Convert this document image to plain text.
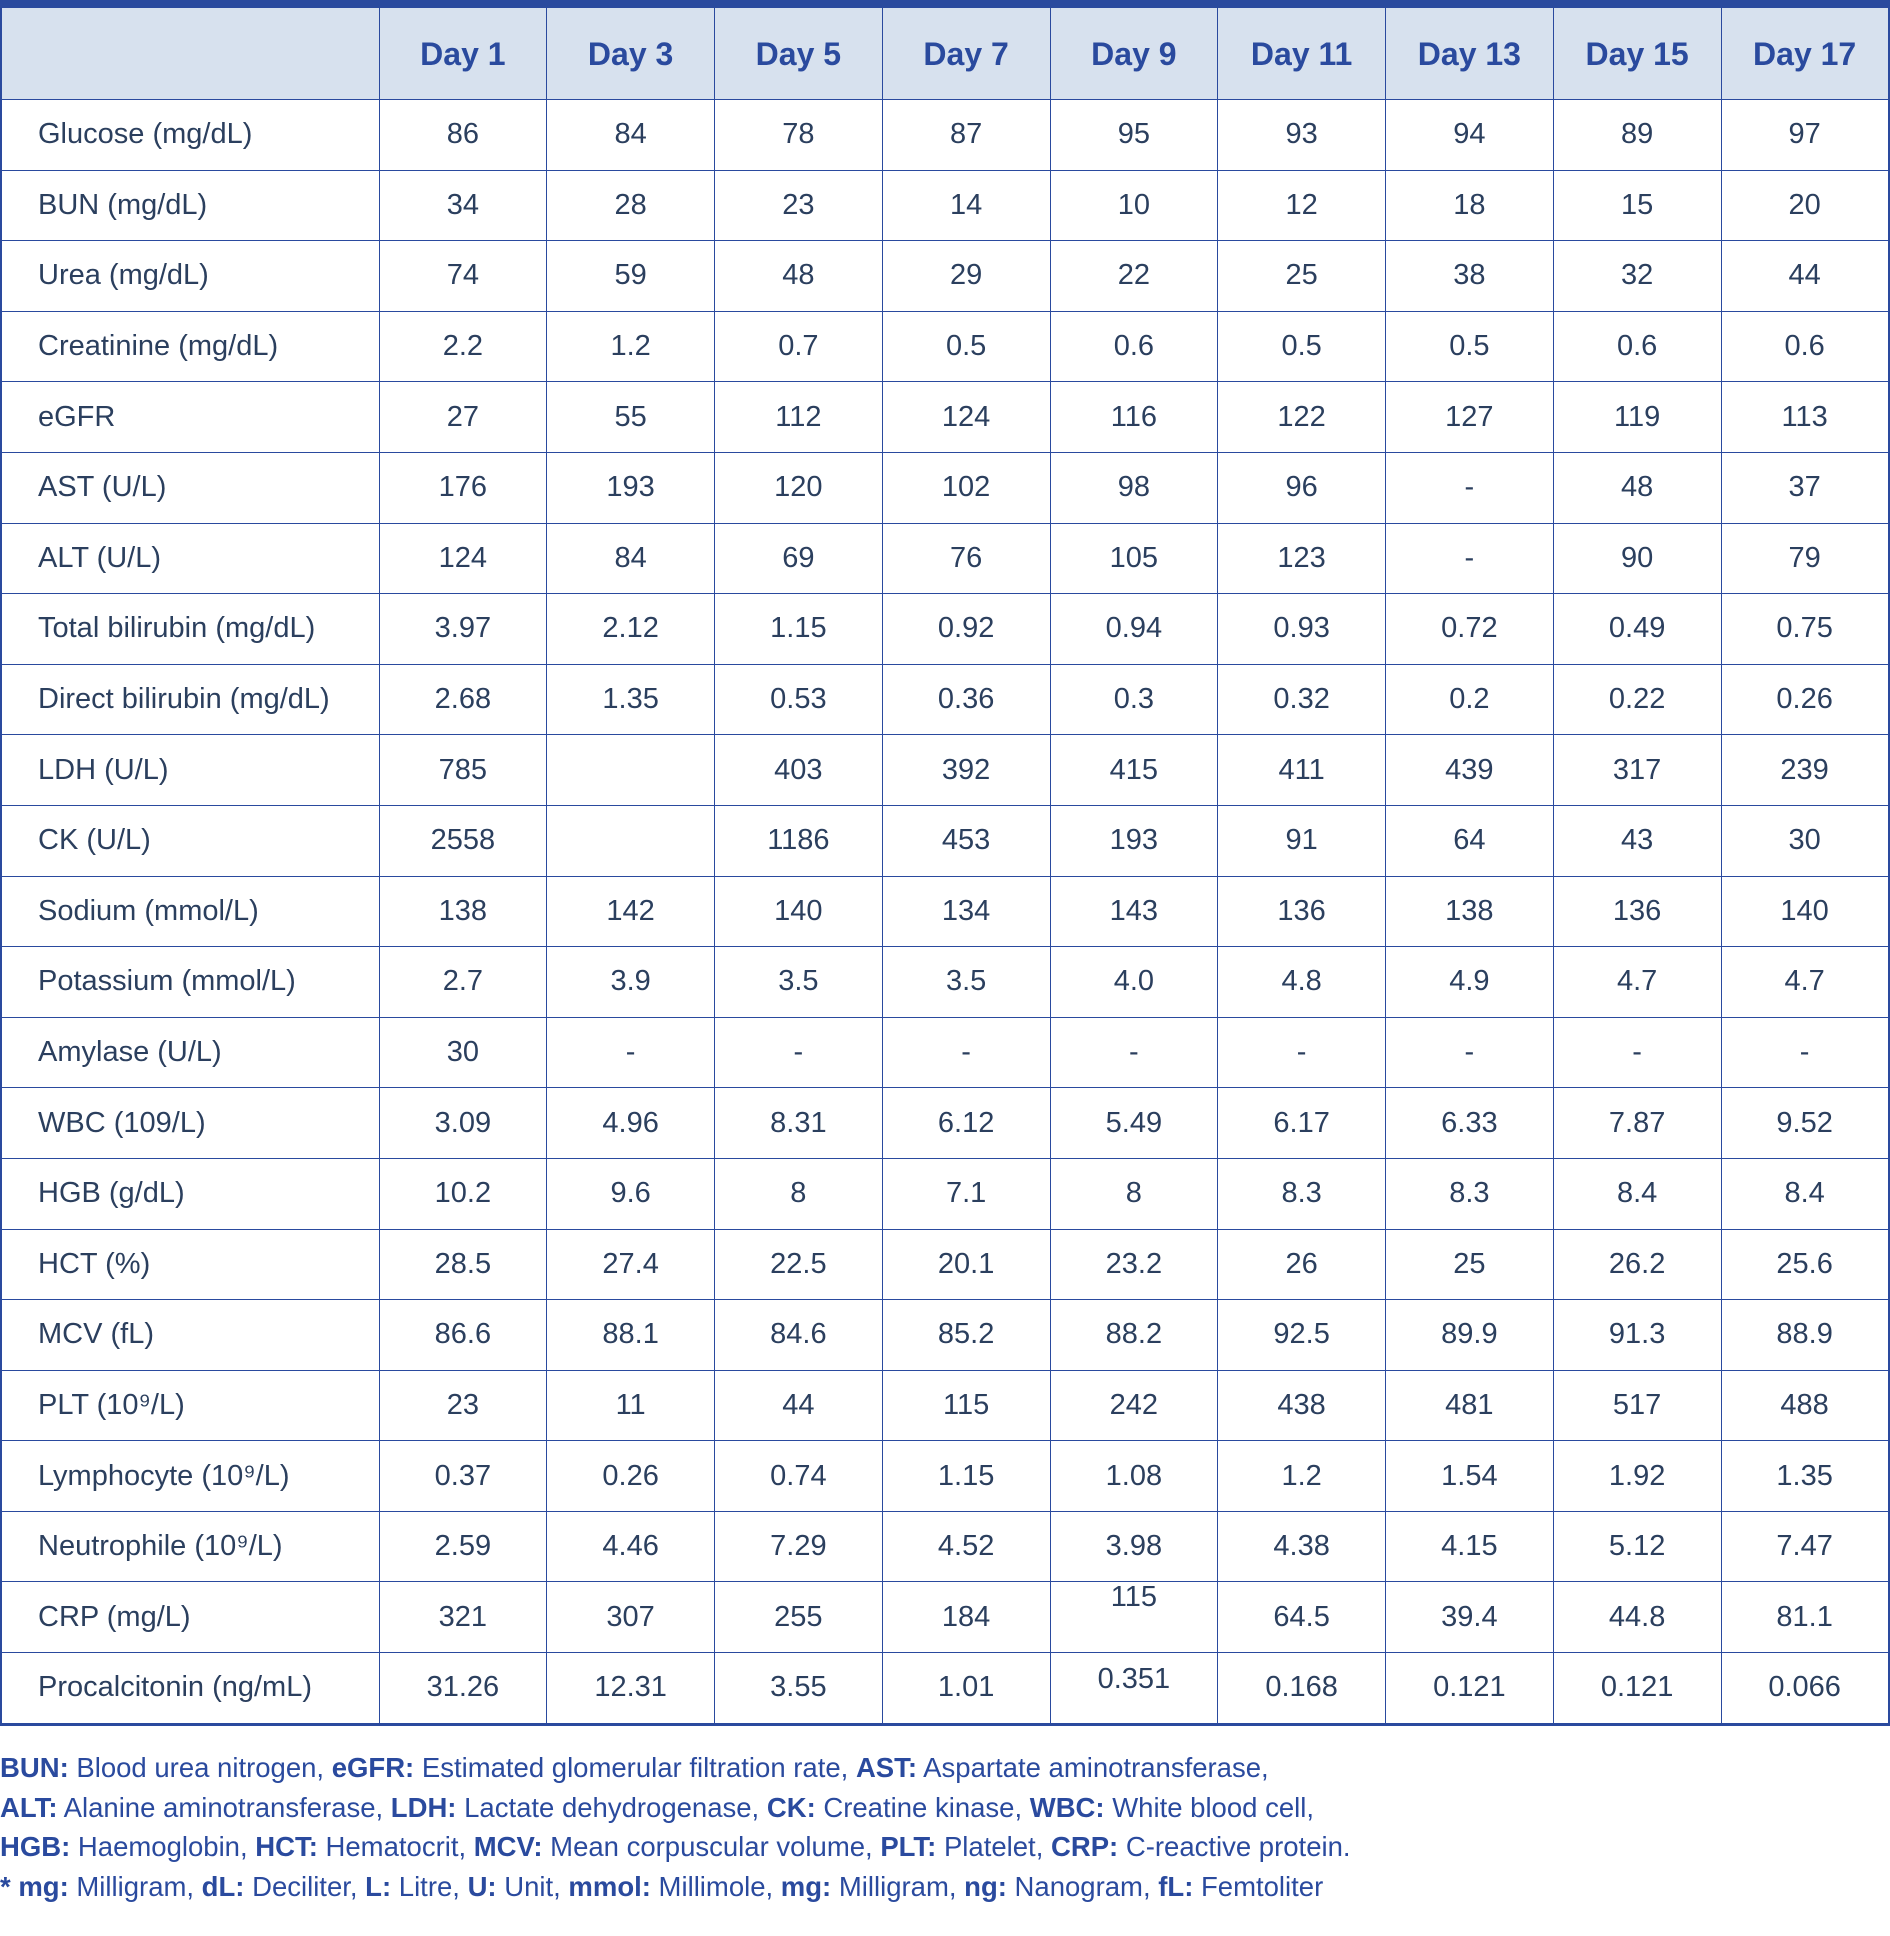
	Day 1	Day 3	Day 5	Day 7	Day 9	Day 11	Day 13	Day 15	Day 17
Glucose (mg/dL)	86	84	78	87	95	93	94	89	97
BUN (mg/dL)	34	28	23	14	10	12	18	15	20
Urea (mg/dL)	74	59	48	29	22	25	38	32	44
Creatinine (mg/dL)	2.2	1.2	0.7	0.5	0.6	0.5	0.5	0.6	0.6
eGFR	27	55	112	124	116	122	127	119	113
AST (U/L)	176	193	120	102	98	96	-	48	37
ALT (U/L)	124	84	69	76	105	123	-	90	79
Total bilirubin (mg/dL)	3.97	2.12	1.15	0.92	0.94	0.93	0.72	0.49	0.75
Direct bilirubin (mg/dL)	2.68	1.35	0.53	0.36	0.3	0.32	0.2	0.22	0.26
LDH (U/L)	785		403	392	415	411	439	317	239
CK (U/L)	2558		1186	453	193	91	64	43	30
Sodium (mmol/L)	138	142	140	134	143	136	138	136	140
Potassium (mmol/L)	2.7	3.9	3.5	3.5	4.0	4.8	4.9	4.7	4.7
Amylase (U/L)	30	-	-	-	-	-	-	-	-
WBC (109/L)	3.09	4.96	8.31	6.12	5.49	6.17	6.33	7.87	9.52
HGB (g/dL)	10.2	9.6	8	7.1	8	8.3	8.3	8.4	8.4
HCT (%)	28.5	27.4	22.5	20.1	23.2	26	25	26.2	25.6
MCV (fL)	86.6	88.1	84.6	85.2	88.2	92.5	89.9	91.3	88.9
PLT (10⁹/L)	23	11	44	115	242	438	481	517	488
Lymphocyte (10⁹/L)	0.37	0.26	0.74	1.15	1.08	1.2	1.54	1.92	1.35
Neutrophile (10⁹/L)	2.59	4.46	7.29	4.52	3.98	4.38	4.15	5.12	7.47
CRP (mg/L)	321	307	255	184	115	64.5	39.4	44.8	81.1
Procalcitonin (ng/mL)	31.26	12.31	3.55	1.01	0.351	0.168	0.121	0.121	0.066
BUN: Blood urea nitrogen, eGFR: Estimated glomerular filtration rate, AST: Aspartate aminotransferase,
ALT: Alanine aminotransferase, LDH: Lactate dehydrogenase, CK: Creatine kinase, WBC: White blood cell,
HGB: Haemoglobin, HCT: Hematocrit, MCV: Mean corpuscular volume, PLT: Platelet, CRP: C-reactive protein.
* mg: Milligram, dL: Deciliter, L: Litre, U: Unit, mmol: Millimole, mg: Milligram, ng: Nanogram, fL: Femtoliter
